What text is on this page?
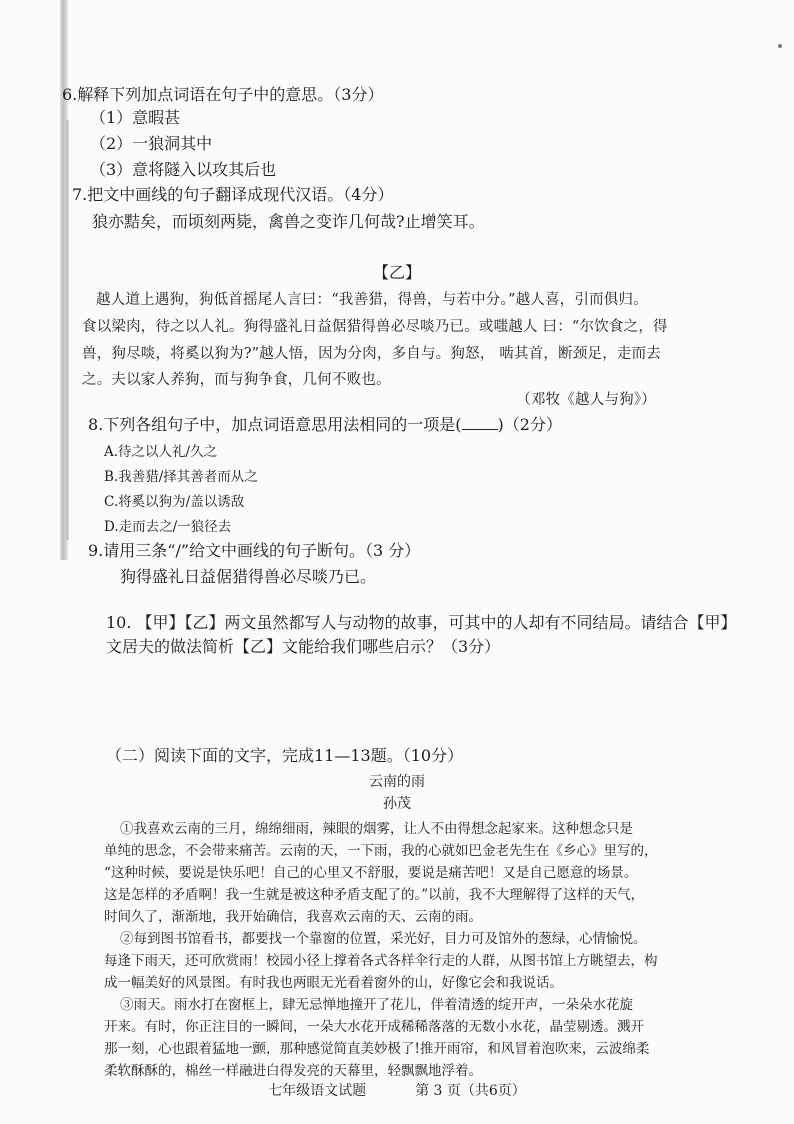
6.解释下列加点词语在句子中的意思。（3分）
（1）意暇甚
（2）一狼洞其中
（3）意将隧入以攻其后也
7.把文中画线的句子翻译成现代汉语。（4分）
狼亦黠矣，而顷刻两毙，禽兽之变诈几何哉?止增笑耳。
【乙】
越人道上遇狗，狗低首摇尾人言曰：“我善猎，得兽，与若中分。”越人喜，引而俱归。
食以梁肉，待之以人礼。狗得盛礼日益倨猎得兽必尽啖乃已。或嗤越人 曰：“尔饮食之，得
兽，狗尽啖，将奚以狗为?”越人悟，因为分肉，多自与。狗怒， 啮其首，断颈足，走而去
之。夫以家人养狗，而与狗争食，几何不败也。
（邓牧《越人与狗》）
8.下列各组句子中，加点词语意思用法相同的一项是( )（2分）
A.待之以人礼/久之
B.我善猎/择其善者而从之
C.将奚以狗为/盖以诱敌
D.走而去之/一狼径去
9.请用三条“/”给文中画线的句子断句。（3 分）
狗得盛礼日益倨猎得兽必尽啖乃已。
10. 【甲】【乙】两文虽然都写人与动物的故事，可其中的人却有不同结局。请结合【甲】
文居夫的做法简析【乙】文能给我们哪些启示？（3分）
（二）阅读下面的文字，完成11—13题。（10分）
云南的雨
孙茂
①我喜欢云南的三月，绵绵细雨，辣眼的烟雾，让人不由得想念起家来。这种想念只是
单纯的思念，不会带来痛苦。云南的天，一下雨，我的心就如巴金老先生在《乡心》里写的，
“这种时候，要说是快乐吧！自己的心里又不舒服，要说是痛苦吧！又是自己愿意的场景。
这是怎样的矛盾啊！我一生就是被这种矛盾支配了的。”以前，我不大理解得了这样的天气，
时间久了，渐渐地，我开始确信，我喜欢云南的天、云南的雨。
②每到图书馆看书，都要找一个靠窗的位置，采光好，目力可及馆外的葱绿，心情愉悦。
每逢下雨天，还可欣赏雨！校园小径上撑着各式各样伞行走的人群，从图书馆上方眺望去，构
成一幅美好的风景图。有时我也两眼无光看着窗外的山，好像它会和我说话。
③雨天。雨水打在窗框上，肆无忌惮地撞开了花儿，伴着清透的绽开声，一朵朵水花旋
开来。有时，你正注目的一瞬间，一朵大水花开成稀稀落落的无数小水花，晶莹剔透。溅开
那一刻，心也跟着猛地一颤，那种感觉简直美妙极了!推开雨帘，和风冒着泡吹来，云波绵柔
柔软酥酥的，棉丝一样融进白得发亮的天幕里，轻飘飘地浮着。
七年级语文试题	第 3 页（共6页）
